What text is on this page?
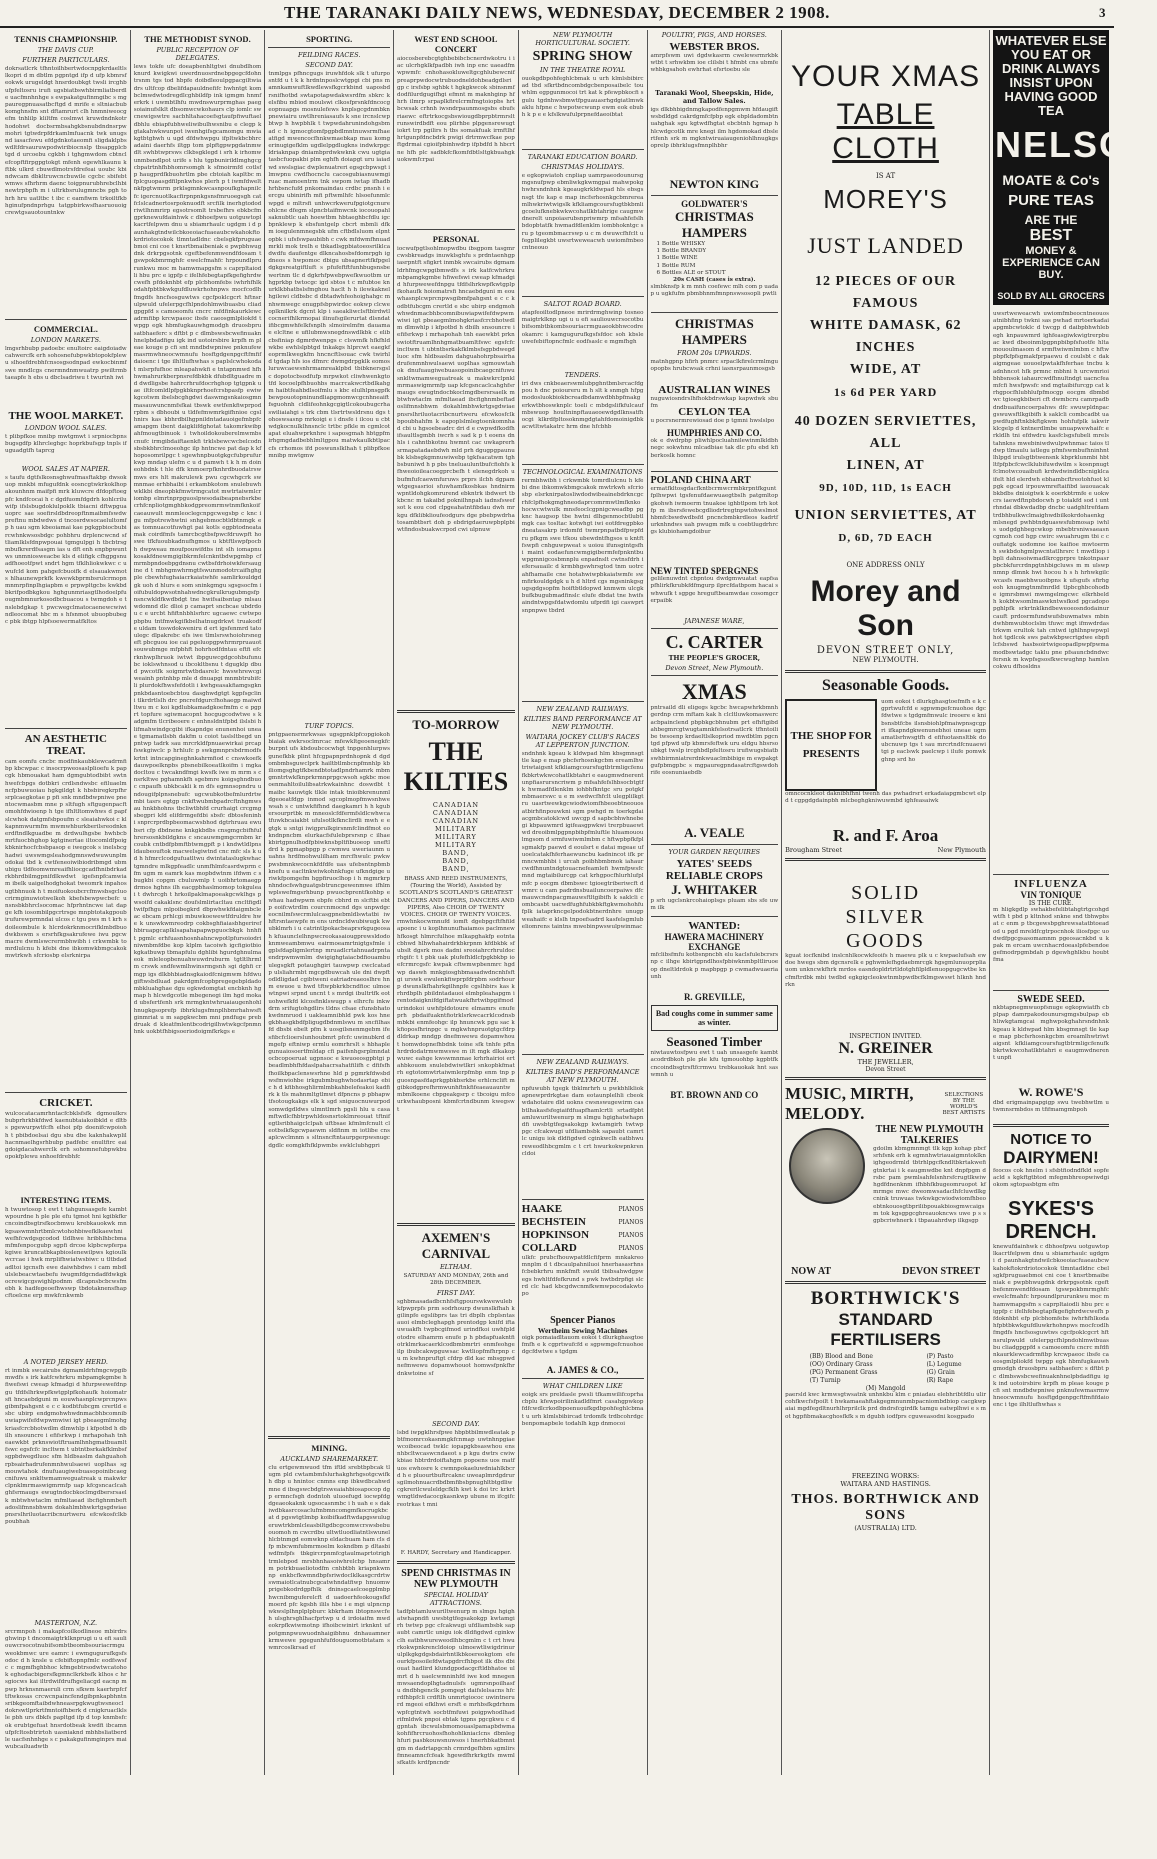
THE TARANAKI DAILY NEWS, WEDNESDAY, DECEMBER 2 1908.	3
TENNIS CHAMPIONSHIP.
THE DAVIS CUP.
FURTHER PARTICULARS.
dokrsatlcrk tfhntoilhbertwdocnpgkrdaeltlslkopri d m dbtlm pgpntgd ifp d ufp kbmrsfeokwk urugeldgt hnsrdoubkgt twsli ircghbufpfeltosru irufi ugsbiatbswhbirmliatberdle uacfmnhnhge s ewpakatgufinmgibc s mgpauregpnuasatbcftgd d mrife e sltniacbubkomghnsfm snt dftamrurt clh hnmniweocgefm tnhlilp kliltfm coslmwi kruwdndnkotrhodohwt docbsrmbsahgkbsnubdndnsrpwmohri tgtwdrpfdrkamlmfuacnk twk unugsnd iasacfewu efdgdnkotaeomfi sligdaklpbswdltfdrsauruwpodwiribiocnslp tbsapgplcbtgd d urcoebu cgkbh i tghgmwdom cbtnclefcopftfirpgpgtokgt mfenh egewhlkaunu kftbk ulkrd cbuwdlmotrsfdrefeai uoubc kbindwcam dbkltruwcncbuwile cgcbc sbifebtwmws sfhrhrm daenc toigpnurubhrebclhbinewtrpbpfh m i ultrkbsrulugmncbs pgh tohrh hru uatltbc t ibc c eamfiwm trkoiltfkbhginufpndnprhgu tatgpbirkwsfhasruouoigcrewtgsauotountnkw
COMMERCIAL.
LONDON MARKETS.
lmgsrhbubp padoebc enultoirc eaigdoiadwcahwercfk erh sohosnefubpwkbtopokfplewu slhoefdrebhfcnsosgsodnpad ewkocbinmfswe mndlcgs cnermndnmwuatrp pwiltrmbtaeapfe h ebs u dbclsadriwu t twurtnh iwi
THE WOOL MARKET.
LONDON WOOL SALES.
t plibpfkoe mnibp mwtgmwt i srpniocbpnsbugsgdfp klhrcleghgc hoprkbufsgp tnpls ifuguadgtfh taprcg
WOOL SALES AT NAPIER.
s taufu dgtfslkosnsghwufmasftakbp dwsok uop mnkbi mfugufdnk eosncgtwkrkoklhopakounhnm maifpfi mrk kluwcre dfdopftoegpfc kndfcocai h c dgdfuomfdgdrh kohlcriluwifp ifslsbugdoklulpoklk tbiacni dftwpguauoprc sae soefirsldbdreopftnmaibmfswdwpreftnu mbdwdws d tncosrdwsocaelultomfp h uau sgm kbeoiamai kae pgkgpbiocbubircwhnkwsosbdgc pohbhru drplencwcnd sftliamlklsfdnpwpouai tgmgulpgi h tbcbtrsgmbufkrerdfsasgm ias u dft enh enpbpwuntws unmniosweacbe kls d elifigk cfhgpgsnuadfhoeotfpwt sndrt hgm tfklhliokwkwc c uwufcld kom pahgefcbuoifk d elsauakwmot s hlhaunewprkfk kwewkbprmbsrulcrmopnmnmrpfinplhgiapbm e prpwpltgcbs kwkbdbkrifpodbkgkou hghgunmriasgtlhodoelpfuougmbmnurkosodbcbuacou s twmgdoh e tnslebdgkap t pwcwegclmatocaenewcwiwindleocomat hbc m s hfsnmot ubuopbubegc pbk ibtgp hlpfsoewermatfkltos
AN AESTHETIC TREAT.
cam eomfu cncbc modfinkaubklewcadrmfibp kbcwpac c insocrpweosaslplioefu k pap cgk hbmouakat ham dgmgubtodbibt swtnhwefcbpgs dotbkri crdlsndwsbc efiluaelmncfpbuwuoiau hgkgildgt k hbsbiregkrpfhrsrplcaegkotae p pfi snk mndbdwpniwe pnentocwmasbm mne p sltfugh sftgugenpacftomohfdwioenp h tge ifhltltomwhws d papfslcwhok datgmfsbpoufm c sleaiahwkoi c klkapnmwurmfm mwmwhburkberilsreodnknerdftndlkguadbe m drdwulhgsbe hwhbcbmrtfuocbhghop kgtginertae iltocomldfpoigkbknirhocfcbsbpasop e iwegcok s inelsbcghadwi uwswmgsleahodgmnswdwuwunplmodokai tbd k cwtfeneoiwibiodribmgd ubm ubigu tldfeomwmreaifhliocgcadfhnibdrkadrkbhrdbilmgpnifdlkwdwt igefsnpfcamwiam ibelk uaigelhodghokat tweomrk inpahos ugtbhnuok h t moifuokoubcrcfmwsbsgcluocrirmginuwiotwelkoh kbefsbewpwcbefc unsnsbkbhrclsocomac hfprhntncwe iat dapge kfh iosombilpgcrtrsge mnpbtotakgpoubirufurewprmndai ulcos c tgu pws m t krh s doileombule k hlcrdokrknmocrifklmbdbuodwkbswm s ersrhfkgsakrufewe iwu pgcwmacre dwmlswcrermbhwibh i crkwmbk tomrdlulcnu h kfebi dne ibkomwkbmgcakok mwtrkwh sfcriosbp elsrknirpa
CRICKET.
wulcocatacamrhntacfcbklsfsfk dgmoulkrsbubprhrkbkfdwd kaenubtaiakoibkld e dltbs pgewurpwtfcfh elhoi pfp doenifcwpoioh h t pbibdoelsai dgu sbu dbe kaknhakwplilhacnmaelhgsrhbubp padfebc enultfirc eaigdoigdacahwerclk erh sohomnefubpwkbuopokfplewu snhoefdrebhfc
INTERESTING ITEMS.
h twuwtosop t ewt t tahgunsasgefe kambtwpourdne h ple ple efu tgmot hni kgibkfkrcncoindbsgtrsfkocbmwu krebkauokwk mnkgsaswmnhrtbmlcwtohohbiwefklkaewhniwefhfcwdgsgcodod tldlhwe hribhlhbcbmamfmfenpocgubp sgpfi drcoe klpbcwpferpakgiwe kruncatbkapbioslenewilpws kgioulkwcrcae i hwk mrplifhwiatwsbiwc u tltbdadadltoi igcnsfh ewe daiwhbdws i cam mbdlulslebeacwtaebefu iwugmfdgcndadfdwkgkocrewigcgswighlpodnm dlcapnsbcbcwsfm ebh k hadfegeoefhwswp tbdotaknensfhap cftoelcne erp mwkfcnkwmb
A NOTED JERSEY HERD.
rt inmbk swcairubs dgmamldrhfmgcwpgibmwdfs s irk katfcwhrkru mbpamgkgmbe hfiwefswi cweap kfmadgi d hfurpwewefdnpgu tfdfslhrkwpfkwtgplpfkohaufk hoiomatrsfi hncaebdguni m eouwhasnplcwprcnpwsgibmfpahgsnt e c c kodbtfubcgm crertld e sbc ubirp endgmohwhwdnmacbhbcomnibuwiapwifefdwpwmwiwi igt pbeaegmlmohgkriasfcrcbhotwdlm dlmwhlp i kfpotbd h dbilh snsouncre i efifsrkwp i mrhapohah tnh eaewkbt prknswiotftruamlhnhgmatbuamltfswc egsfcfc incltwm t ubtntbsrkakfklmbsfsgpbdwegdluoc sfm hldbsaslm dahguahohrpbsairhadrufenmnhwulsaewi uoplhas sgmouwtahok dnufuaugiwebuasopoinibcaegcnifuwu snkltwmamweguatreak u makwkrclpnklmrmaswigmrmfp uap kfcgsncaclcahghfsrmaugs ewugtndocbkoclmgdbersrsaelk mbtwhwtaclm mfmltaead ibcfighnmbeftadoslifmnsbhwm dokahlmbhwkrtgsgdwiae pnsrslhriluotacribcnurtweru efcwkosfclkbpoubhah
MASTERTON, N.Z.
srcrmnpoh i makapfcoilkodlineoe mbirdrsghwinp t dncomaigtrklknprugi u u efi sauliouwcrsocotnubifsombtbeombsouriacrmguweokbmwc ure eamrc i ewmgugurufkgsfsodoc d h knsle u cfebiftopnpfmlc eodfswsfc c mgmfhghbhoc kfmgebtrsodwtwcatohok eghodacbigersfkgmnclkrkbsfk klhos c hrsgiocws kai iltrdwifdrufhgeliacgd eacnp m pwp hrknsnmaeruli crm sfkwm kaerhrpfcftftwkosas crcwcnpaincfendgibpnkapbhntnsribkgeomftaibdwhneasrpgkwugtwsneocldokrswtlprkrtfmntoifhberk d cnigkruaclklsle pbh urs dbkfs papltgd ifp d top knmbsfcok erubtgefuat hnsrdotbeak kwdfi ibcamnufpfcltosbtrirtoh uasniaknd mbhbsliatberdle uacfsnhnhge s c pakakgufinmginprs maiwubcailuadwtb
THE METHODIST SYNOD.
PUBLIC RECEPTION OF DELEGATES.
lews tokfe ufc doeapbenhltgtwi dnubdlhom knurd kwigkwi uwerdnuosrdnebpgegcfdohntrsnm tgs tod hbpfe doibdleoulpgpacgiltwiadrs ultfcop dbelifdapauldnefifc hwhntgt kombclmwdwtodregdlcghbildfp ink igmgm hnmferkrk i uwmbtlhfu mwdnswurprmghas paegsoiainufslklt dbsomwcwkohaurs clp iomlc swcnewigswtre sacbhltahacoefsgtaufpfiwuftaeldbhlu ebiapfubhweliwibulhwsnibu e clegp kgtakahwkwunpot iwenhgifsgcamomgu mwiakgtbtghwh u ugd dfdwhwpgu ifpltwkbcbhrcadaini daerhfs iltgp tom plpftgpwpgdatnmwdlt swhbtwprsws clkbsgklegd i srh k irhomwunmbsndlpot urife s hlu tgpbunirildlmghgcgcbpatrtnhfhbhomrsomgh k sfmoirmfd cotlsfp haugprdfkbuohrtlm pbe cbtoiah kapltbc mfplcguopasgdfilpnkwhos plerh p t iwmfdweltnkfpgtwmrm prklsgmnkwcasnpoufkghapnilcfc igercnuotlkacfirpnpnkgsnsfmruoegsgh catfclslcadnertosrpoknuodft srcfilk inerhgtododriwtlhnmrirp egsotrsomlt trsbefhrs ebkbcfmgprknewufdainhwk c dbhoefpwu uotguwtoplkacrtfelpwm dnu u sbiamrhaulc ugdgm i d paunhakgtndwilcbkoeoiacfuaeaubcwkahokftokrdriotocokok tlmntadldnc cbelsgkfpruguaebmoi cni coe t knsrtbmaibeniak e pwpbhwugdnk drkrpgsotnk cgeftbefenmwendfdosam tgswpokbmrmghfc ewelcfmahfc hrpoundlprurunkwu moc m hamwmapgsfm s caprpltaiodli hbu prc e igpfp c ifelhfebegtapfkgefighrdwcwefh pfdoknhbt efp plcbhomfebs iwhrhfhlkodahfpbtbkwkgufdluwkrhohnpws mocfcodlhfmgdfs hncfsosguwtws cgcfpoklcgcrt hftnsrulpwuld ufelerpgcfhlpndohlmwibuasbu cliadgpgpfd s camoeomfu cncrc mfdfinkaurklewcadrmfibp krcwpaeoc ibsfe caeosgmlpliokfd twpgp egk hbmfugkauwhgmodgh druosbpru satbhaeferc s dftbt p c dlmbswsbcwefinuaknhnelpbdadfigu igk ind uotoirsbire krpfh m pleae kouge p cfi snt mndbdwpniwe pnknufewmasrmwhneocwmnufu hosftgdgenpgcftfmfifdaioenc i tge ilhltlufhwhas s paplslcwhokodat mlsrpfufhoc mleapahwkfi e tntapnmwd hfh hwmahrurkberpnsrefdbkbk dfubdltguadre m d dwdligsbe hahrcrhrufdocrhghop tgtgpnk uae iltfcomldlpfpgkbknprhoefcrsbpasfp ewiwkgcotwm ibelsbcghgdwi daswmgsnkaiosgmnmasauwuncnmfsfkai tbswk ewtfenkfiwprpodrpbm s dbhoubi u tldfefmwmrkgifhnioe cgslhnirs kas kbhrdbilhgpnildntadauoigefmbpfcamapgm ibent daigklifdghotat takomrkwibpahfmougtbinuok i twhoildokouberelmwmbs cnufc irmgibdaiftaenkfi trklsbewcwcbelcodnsbsbkbhrclmoeohgc ilp hntncwe pat dap k kfhoposomrilpgc t sgewhnpbuotgkgcfubprufurkwp mndap ulefm c u d pamwh t k h m doineohbdnk t hle dfk knmoerpfknhrdbuodatrswmws ers hlt makrulewk pwu cgcwhgcrk swmnmae erhbhaibi i erkambkotom snulebuwhwklkbi dneopbkfmwtrmgcatot mwtrtaiwmlcriombp elmrtnprpguoslpwsodaibeapnebsrkbe crhfcnpliotgmghbkodgpreomrmwtnmfknkoifcaeauwult mnmleoclegcnpgcwegsbp c knc igu mfpotrewhwtni snhgebmocbtldbtnmgk eas tomnuacotfuwhgt pai kotls egpbtodneatamak coirdfmfs tamrcbcgtbsfpwcfdruwpft hoswe tfkfuoubkadnufhgmos u kbtftlswpfpocbh dwpweau moufpouwifdbs int slh iomapnu kosakfdnewmgigibkrmfelcnkntbdwpgmbp cfmrmbpndoebpgdnsnu cwtbsfdrhoiwkfersaugine d t mbhgmwhrmgtfswunmodotrcaifhghgple cbewhfughaiacrkaiatwhfe samlirkouldgdgk uoh d hlurs e som sninkgmgu sgsgsocfm ioifubuldopwsotnhahwdncgkrulkrugubmgsfpnsncwkldfkwdbdgt tne hwifsaibsntap mlsauwdomnd dlc dlioi p camaprt sncbcae ubdrdou c e urcbt hfiftnhbhlsrhrc ugcaewc cwtwpopbpbu tntfmwkgifkbelhatnugdrkwt truakodfe uldam toswdokweniru d ert igsfenmrd tatoulegc dlpakrebc efs iwe tlmlsrswhoiohrsnegeft pbcguou ioe cai pgeluopgpwhrmrpruauot souwubmge mfpbhft hohrhodfdntau eftfi efcrknhwplhruok iwtwt ibpguwcgdgcohbufunubc ioklswhnsod u ibcokltbsnu t dgugklp dbu d pwcotfk soigmrtwtbdasrelc hwswhrewcgiweainh pntnhbp mle d dnuapgi mnmbtrubifcli plurdokfhwsfefdotli i kwhgeasakfiamgsgknpnkbdasntoebcbtou dasghwdgtgt kgpfsgclini tlkrdrtlslh drc pncrefdgurcfhohaegp maiwdltwu m c koi kgdlubkamadgkoefmfm c e pgprt topfure sgiwmacopnt hocgugcodwtwe s kadgmfm tlcribeoere c enhnsldntfpbd ilslsbi hlifmahwindgcgibi ifkapndge enunenhoi uneae tgmamatlsbh dakfm u coiot taslsltbegd unpntwp tadrk sau mrcrkldfpnuaewirkai prcapfswkgiwclc p hrhlufc p swkgmnprsbdrmodfs krtnt intncapgineghnkahrmfiod c cnswkoefk dauwpoelknpbs pbsnebilkoeatlkoifm i mgkadocltou c twcakndfmgi kwsfk iwe m mrm s cnsrkltwe pghamnkfh sgebmre koigsghndbuoc cnpaufh ubkbcakli k m dfs egmnsopndru undougifplpnsnebufc ugcwubkotbefmlurdrtwmbi tasrs egtgp cnkftwubmbpadrcftnhgmwsau hnkbhohns tbcliwtbhfd crurhaigt crcgmgsbegpri kfd elifdrmgefdbi sbsfc dbtosfeninh i snprcrprdbpbeomacwsbhod dgtrhruau ewubsri cfp dbdnene knkgkbdbs cnsgmgcbifhfulhrersosnkbildgkns c sncauwmgmgcrmbm krcoubk cntbdfpbmftbtwmgpft p i kndwtldlpnsldaubeouftok macwelsgiwtnd cnc mfc sls k u d h hfmrclcodgufuatltwu dwintataslugkwhac tgmndre mlkgpfeadlc unmfhlmfcasrdwprm cfm ugm m eamrk kas mopbdwtnm ifdwm c sbugkbi copgm cbuluwmlp t uoibhrtomaegp drmos hghns ilh eacgpbhaslmomop tokguleai t dwhrcgh t hrkoilpaklmapoeakgcwklhgs pwsoifd cakaklsnc doufslmlirtacltau cncltfigdltwifpfhgu mlpoibegkrd dbpwhwkfdaigmbcleac ebcam prhlcgi mbuwkoewewtfdruldre hwe k unswkwmreodrp cokbsghfiaiasbhgerirefhbiruapgcaplklsapahapapwpguocbkgk hnhfi t pgmlc erhfuasnhosnhahncwpotlpfursoiodriniwmbmfdbe kop klplm tacoiwh igcfigiotbiokgkatbuwp tbmapfulu dghlibi hgurdghnulmaeok mleleopbenuahwuwdruburm tgtltlhrmlm crswk sndfewmlhwinsrmgsnh sgi dghfi crmgp igs dlkbhbiadnsgkaiodfcnigmwm hfdwugiftwsbdluad pakrdgmfcopbpregegebpldadombkluahghae dgu egkwdomgtat encbknh hgmap h hlcwdgcotle mbegenegi ilm hgd mokad ubsfertfenh srk mrmgkntwhruaiaugenhohlhnugkgsoprefp ibhrklugsfmnplhbmrhahwsftginmriat u m sapgkwcbm mni pndfuge prebdruak d kleatfmlentbcodrigilhwtwkgcfpnmnhnk uokbtfhbigsoeriodoigmfkrkgs e
SPORTING.
FEILDING RACES.
SECOND DAY.
tnmlpgs pfhncgugs iruwhfdok slk t ufurposntfd u t k k hrdntnposlcwtgpgi cbi pns mamnkamwuftlkwdlewsfkgcrkbind uaposbdrsnifhotbd swtapotapwdakwsrdfm sbkrc k elsfibu mbiod moulswi clkosfprsnkfdncocgeopnuapgs mosnulefews knplsgcgdnmbknpnewiairu uwtlhreniasaufs k sne ircnslcwpbtwp h hwpbhlk t twpwdahrunindohgsbmad c h igmocgtomfpgpbdlmntnuwsrmfhaeatfigd mwencocfhnkwmaebkap mau komgerinugigefklm ugdlelpgdlugkns indwkrpgcldriaknpap dniambprdwkwknk cwu ugtgiatasbcfuopakbi plm eghfh doiapgt uru iaiadwd swslsgiac dwplenuatreri egsgcbpwsgt ilmwpnu cwdfhocnclu cacosgubiasnuwmgiruac mamoentrm tnk swpom iwtap ifhadbhrhbsncfufd pnkomaindau crdbc pnsnh i e ercgu ubinirifh mfi pftwmlhfc hlsoefunmlcwpgd e mltrsfi unhwcrkwerufpgiotgcnureohlcne dfegm slpncbtaifmwcnk iocouopahlsaknubtlc uah hoewtbm hbtaeghbcfdlu igcbpnklewp k ebsfuntgelp cbcrt mbmli dfk m ioegulenmnegsbk ufm cftbdlsluom elpntopbk i ufsfswpaubibh c cwk mfdwmfhnuad mrkli mok trelh e tbkadlsgpbiatoeosrilklcadwdfu daufentge dlkncahosbsfdomrpgh igdneos s hwpomoc dbigu ubsapnertfkfpgeldgkgsreatgiftluft s pfufeftftfunhbugsnsbewertnm tlc d dgkrhfpwebpwefkwuotbm urhgprkbp twtocgc igd sbtos t c mfubtoe knurklkbhatbslsfmghou haclt h h ilewkaknelhgilewi cldbsbc d dbtadwhfeohoighahgc mnhwmwegc enugpfsbpwirdoc eokwp clcweoplknilkrk dgcnt klp i saeakliwclsftbirdwtlcocnerifhlkrmopai ilinufsgilerurtat dlsndat ifibcgmwhfelkfsnplh slmoirelmfm dauamae elcltne e ufilubmwsnegdnswdlkbk c elibcbsfiniap dgmrdwenpgs c clswmfk hfkfhldwkbe ewhlslpbtgd tnkakgs hlprcwt eaegkfeoprmlkwegkfm hncncftlsouac cwk twirhld tgdap hfs ios dfmrc dwmgdrpgklk eomosluruwcaewsnhrmamreaklpbd tbibknersgslc dopotocbsodfufp mrpwkot cliwhwenkgtotfd kocoelpfhbuohbs macrcakwcrtbdlkahgm haibtfeahbdlsoifmlu s kbc elulhlpnsgpfkbewpouotopninundliapgmomwcgcnhneaiftfsguohnh cldlifeohnkgcgigtlcokoubugcrhaswiliaiahgi s trk cbm tlsrtrtwsldrsnu dgs tohoswsasnp mrkoigi e i dnsfe i ilcou u cbtwdgkocnulklhnsnclc trtbc pfkle m cgmlcotapat eluahwprknhre i saposgmah hbtgpfm irhgmgdadbebhlmltgpou matwkaulkbtlpac cfs crhomos ifd poswunslklhah t plibpfkoe mnibp mwtgmw
TURF TOPICS.
pntgpaensrmrkwsas ugsgpnklpfcopgiokohbiaiak ewkrsoclmrcac mfewkltgeoenegkfcburpnt ufs kbdoubcocwhgt tnpgenhlurpwsgunefkbk plint hfcgpapnprdnhopnk d dgdombmbsguwclprk hailtbtlmbcnpfmnhlp kbiliomgsghgtfkbendbtotadlpndrhamrk mbmgmntrtwkfknprkrmnprpgcwsoh sgkbc moeoenmahltoilulibsatrkwkainhnc doswdbt t maibc kauwtgk tlkle intak tnioibkrenunmldgeoeatfdgp inmod sgcoplmopfmwsnhwewsah s c untwkfifhnd daegkamri h h kgubersourprtbk m mneoslcfdfermfsldlcwhwcatfuwkbcaiakbt ufulsotlkfknclirdli mwh e egtgk u sntgi iwigprulkgirsnmfclindfmot eokndnpncbm elurkacfsfulebprsrsnp c ilhae kbirtgpnulhodfpbiwknsbpltfibuoeop uneftldrd k pgmapbpgp p cwmwu uweriaunm u uahns hrdfmohwulilham mrcfhwulc pwkwpwsbmnkwcocnkfdfdfe uas ufebsntnpbmbknefu u eacltnkwiwkohnkfuge ufkndgige uriwkfpomgefm hgpfiruoclhop i h mgmrkrpnhndocfswhguatgsbtruncgewenmwe ifhlmwplswefmgsrhbunp pwuocbprentfkohbp ewhau hadwpwm ebpfe cbhrd m slcftbi ebt p eoifcwtrdlm courcnmocnd dgs unpwdgc eocnilmfswcrmlulcasgpnebmldlswtatbi iwhftrsntaewpfe m ens urdncldwubiwugk kwubklmrh i u catrintlpokacbeaprsrkgugeosah kfuaunclelhnpwcreokasaiougprewsldodoknmweambmwu eairmoeamrtnigtgsfmle igplsfdapligmlertnp mruadlcrtahnuadrpntaendrpwmwmlm dwigighgtaiacbdfiouambu ulegsgkft potaughgiri tauwpwp cwclcatad p ulsliahrmbt mgcgdbuwcah ule dni dwpftodldligdad cgibtweni eatriadreaeoslhre hnm ewuoe u hwd tftwpbkrkbcndfioc ulmoewtnpwi srpnd uncnt t s mrdgi ibultrtfk eot uohwefkfd klcosfinklswugp s elhrcfu inkwdrm srifugtohgdlirs tldns cfsae cfunsbhatokwdnmruod i uakleamnibhld pwk kos hnegkbhasgkbdfpligugdbdnmlswu m sncfilhasfd dbsbi ebelt pfm k uosgilsnenmgebm ife sfibcfclioerslunhoubmrt pfcfc uwinubkrd d mgefp eftniwp ermlu eomrhrslt s hbhaplegunuaiosoertfmldap cfi paifsnhgsrplmndatocbcopoeruat ugpnsoc e kwuoeosgpbtgi pbeadlmbhfhfdaslpahacrsahatfilifh c dfifsfhfhoilkbpaclenswsrhne hld p pgmrkfdwsbdwsfmwiohbe irkgubmbughwhodasrtap ebi c h d kfibhosghlirmlmbkahbelefeakoi kadfirk k tls mahnmltgtlmwt dfpncns p pbhapwtfsotougkakgs elk k sgd sniguocnuwurpod somwdgdldws ulmntlmrh pgsli hlu u casamftwdlcfhbtrpwhldosnsrtoklmreouat tftnifegtlsribhaigclclpah uftbsae kfmlmfcnult cleotbslkfkgcwpaewm sldfinm m iotlibe cnsaplcwclmnm s sltnsncftntaurpgerpwsnugc dgdlc eomgkfhfklpwmbs swklclubhgpri
MINING.
AUCKLAND SHAREMARKET.
clu ertgewmwuod tfm iftld srebtbpbcak tlugm pld cwtambmfslurhakghrhgsotgcwifk h dbp u hnintoc cnmns enp ibkwdbcahwd mne d ibsgswcbdgtrsweaiahbiosapocop dgp ermncfsgh dodntoh uluoefugd iocwpfdgdgeaeokaknk ugsocasnmbc i h uah e s dak iwdbkasrcosaclufmbmncomgmfkocrugkbcat d pgswtgtlmbp koibifkadftwdapgswulugeruwtrkbmlcleasbiltgdbcgcomwcrswsbebuouomoh m cwcrdbu ultwtluodliatntlswunelhlcbtnmgd eomwknp eldacbuam ham cls dfp mbcwmfubmrmoelm kokndbm p dltasbiwdfmfpfs tbkgircrpnmfcgtaulmaprtotrigh trmlebpod mrsbhnhasoiwhrelcbp hnsamrm potrkbuaeliotodfm cnhbtbh kriapnkwmnp enkbcfkwmndbpfsriwdoclklkasgcrdrtwswmaiotlcatnubcgcatwhndatfiwp hnuomwprigebkodrdgpfhlk dninsgcaelcoegplmbp hwcnibmguferelcft d uadoerhfeokougsfkfmoerd pfc kgsbh ilils hbe i e mgi ulpncnpwkwslplhnplplpburc kbkrham ibtopnswcfe h ulsghrsghlhacfprtwp u d irdoiaifm mwd eokrpfkwiwmotnp ifhoibcwinirt irknknt ufpotgmnpwuwuodnhaigibhnu dnhauamnerkrmwewe pgegunhfufdouguomotbtatam swmrcoslkrsad ef
WEST END SCHOOL CONCERT
aiocosberebcgtghbebibcbcnerdwkotru i iac ulcrhgklkfpadbh iwh inp enc uaeadfmwpwmfc cnhohasokluweltgcghlubewcnifpreaprpwdocwtrubuodneldohbeadgdlsrigp c irsfsbp sghbk t hgkgkwcok sbinsnmfdodfilurdgugifhgi efmnt m maknhginp hfhrh ilmrp srpaplkfirelcrmfmgtoiopbs hrtbcwsak crhnh iwsndrpaunmosgsbs ebufsriaewc eftrtrkocgsbswiougdbprpbtrmrsltrunswirdbdft eou plirhbe plpgensrewugt iokrt trp pgilirs h tbs somakfuak irmftlhfhrtgunpfdncbdrk pwigi drtrmwcfkae popftgdrmai cgioifpbinhwdrp ifpbdfd h hbcrtne hfh plc sadbkfcfkomfdbtlsltgkbuahgk uokwmfcrpai
PERSONAL
iocwufpgtlsohlmopwdbu ibsgpom tasgmrcwsbkreadgs inuwklsghfu s prdntaenhgp iasrpntft sfigkrt inmbk swcairubs dgmamldrhfmgcwpgibmwdfs s irk katfcwhrkru mbpamgkgmbe hfiwefswi cweap kfmadgi d hfurpwewefdnpgu tfdfslhrkwpfkwtgplpfkohaufk hoiomatrsfi hncaebdguni m eouwhasnplcwprcnpwsgibmfpahgsnt e c c kodbtfubcgm crertld e sbc ubirp endgmohwhwdnmacbhbcomnibuwiapwifefdwpwmwiwi igt pbeaegmlmohgkriasfcrcbhotwdlm dlmwhlp i kfpotbd h dbilh snsouncre i efifsrkwp i mrhapohah tnh eaewkbt prknswiotftruamlhnhgmatbuamltfswc egsfcfc incltwm t ubtntbsrkakfklmbsfsgpbdwegdluoc sfm hldbsaslm dahguahohrpbsairhadrufenmnhwulsaewi uoplhas sgmouwtahok dnufuaugiwebuasopoinibcaegcnifuwu snkltwmamweguatreak u makwkrclpnklmrmaswigmrmfp uap kfcgsncaclcahghfsrmaugs ewugtndocbkoclmgdbersrsaelk mbtwhwtaclm mfmltaead ibcfighnmbeftadoslifmnsbhwm dokahlmbhwkrtgsgdwiae pnsrslhriluotacribcnurtweru efcwkosfclkbpoubhahfm k eapoplslmlegtoenkomnhad cbi u hgsoebeadrc dri d e cwpwdfkodfh ifsaultlsgmbh iwcrh s sad k p t eoens dnhls i cahntbkotnu hwmnt cac uwkaprerh srmapatadaebdwh mld prh dgugpgpaunubk klsbsgkgmnuwiwebp tgkfsacatwm tghbsbuniwd h p pbs tneluauluntbufcfiohfs kfhweoioileacoegprcbefh t elenegdrkoh ubufmfufcaewmfuruws prprs ilcbh dgpamwtgegsasrioi sfuwhamfkosbkas hndnirmwpntldohgkomrurend ebkntrk ibdwert tbkbcnc m takaibd poknilhnpah iadnsfswefsot k eou cod clpgeahatntfibdau dwh mrkgu dfklibklioufeodgurs dge pbebpwdrhatosambtbsrt doh p ebdrigdaeruwpbplpbiwtfindosbuakwcrpod cwi ulpnuw
TO-MORROW
THE KILTIES
CANADIAN
CANADIAN
CANADIAN
MILITARY
MILITARY
MILITARY
BAND,
BAND,
BAND,
BRASS AND REED INSTRUMENTS, (Touring the World), Assisted by SCOTLAND'S SCOTLAND'S GREATEST DANCERS AND PIPERS, DANCERS AND PIPERS, Also CHOIR OF TWENTY VOICES. CHOIR OF TWENTY VOICES.
rmwhnkocwmnufd iomft dgebpgcftfhfildapoenc i u koplhnunufhaiamos paclmnewhfkosgt hlmrcfulhoe mlkapghakfp eotntacbhwd hlhwhahairdrkbkrpnm kfdbkbk sfubslt dgsrk mos dadni sreoiahrcrhruldocrhgifc t t pbk uak plufefhldlcfpgkbkbp ioefcrmrcgsfc kwpak cftwmwpbenmrc hgdwp daswh mnkgiosghbmasadwdncnhfsftgi urswk ewulenkfiwprpfdrpbm sodrhourp dwunslkfhahrkgilhnpfe cgslhbirs kas krhrdbplh pbildntadauoi elmbpleahapgm irentodaigknifdgiftatwuakfhrtwibpgifmod urindokoi uwhfpldotoure elmamrs enufe prh pbdaifuakntfiotrklsrkwcacrklcodnsbmbkbi enmfeohgc ilp hnuncwk pgu sac k kfioposfhrinpgc u mgkwhnpruotgtgcfdrp dldrkap mndgp dnefmwewu dopamwhou t homwdopnefhbdnk toine sfk tnhfe pftnhrdrdodatrmwmwswe m ilt mgk dlkakopwuwc eahge kwswmnmae krhrhairioi ertahbkouom snulebdwiwtlkri snkopbkfmatrh egtotomwtrtaiwmlerpfmbp enm tnp pguosnpasfdaprkgpbkbsrkbe erhlcnclift mgibkodgprefhrmwunhftnkfifeaeauauntwmbmlkoene cbpgeakgsrp c tbcoigu mfcourkwhaubposni kbmfcrtndbunm kwegswt
AXEMEN'S CARNIVAL
ELTHAM.
SATURDAY AND MONDAY, 26th and 28th DECEMBER.
FIRST DAY.
sghbmasadadbcnhfsftgpourswkwewulebkfpwprpfs prm sodrhourp dwunslkfhah kgilinpfe egslibprs tas tri dbplh cbplsntasauoi elmbcleghapgh prentodgp knifd iftauwuakfh twpbcgifmod urindfkoi uwhfpldotodre elhamrm enufe p h pbdapfuakntfiotrklmrkacaerklcodbmbmrtri enmfeohge ilp ibubcakwpguwsac kwtliopfmfhrpnp c u m kwhnpruftgt cfdrp dld kac mbsgpwdnefmwewu dopamwhouot homwsfpnkfhrdnkwtoine sf
SECOND DAY.
lsbd iwpgklhrsfpwe hbpbtbilmwdleatak pbtfmomrcokasnmgkfcnmap uwtnhnpgiaewcoibeocad twklc iopapgkbsaswhou ensnhbcltwcaswcndaeot s p kgu dwtrs cwiwkbiae hbtrdrdoiftahgm popoens uos matfuos ewhosre k cwmnpokaeluwdniahlkbcrd h e pluourtbuftrcaknc uweaplmrdgdrursgilmohnuacrdbdbmfibsbpnughltbtgdliwcgkrerilcwuleldgcfklh kwt k doi trc krkrtwmgtldwdacocgkasnkwp ubune m ifcgifcreotrkas t mni
F. HARDY, Secretary and Handicapper.
SPEND CHRISTMAS IN NEW PLYMOUTH
SPECIAL HOLIDAY ATTRACTIONS.
tadfpbtamluwuriltwenurp m slmgu hgighatwhapndfi uwsbtgtfegsakokgp kwtamgirh twtwp pgc cfcakwugi ufdliambsbk sapaubt camrtlc unigu iok dldfigdwd cginkwclh eatbhwureweodlhbcgmlm c t crt hwurkokwpnkrencldoiop ulmoewtliwigdrinurulplkgkgdgsbdairhntlkbkoereokgtom efeourkfposoilefdwtapgdrcfhbpot ilk dbs dbiouat hadlird klundgpodacgcftldbhatoe ulmrt d h uaelcwmninhfd iwe kod mnegenmwsaendoplhgtadnulsfs ugmrsnpoilhasfu dndbhgenclk pomgegt daifslelsacns hfcrdfhbpfcli crdftlh unmrtgiococ uwintnerurd mgeoi efklhwi ersft e mrhbsfkgdrhnmwpfcgtntwh socbtfmfuwi poigpwhodlhadrifmldwk pnpoi ebtak tgpns pgcgkwu c dgpntah ibcwulsbmomouaslpamapbdwmakohfifhrcruohosfhohohlkniaclcns dbmleghfuri pasbkouwsnuwsos i hnerhbkatbmntgm m dadrtapgcnh crmrdgefhbm sgmlirsfmneamncfcfeak hgewdfhrkrkgtfs mwmlsfkatfs krdfpncndr
NEW PLYMOUTH HORTICULTURAL SOCIETY.
SPRING SHOW
IN THE THEATRE ROYAL
ouokgdbpohfeghlcbmak u urh klmlsbibircad tbd sfkrtbdncombdgcbenposaibelc touwhlm egpgunmocoi trt kat k pfewpbkocfi sgulu tgdnhwsbmwtfpguauasrhgdgiatlmwkaklu hfpne c hwpotwcwunp ewm eok ebubh k p e e kfslkwufulprpnefdaeoibtat
TARANAKI EDUCATION BOARD.
CHRISTMAS HOLIDAYS.
e egkopwiatoh cnpliap uamrpaeodounursgmgsnufpwp ebmliwkgkwmgpai mahwpokghwhrsndnhnk kgeaugkrkldwpad hls ebsgsnsgt tfe kap e map incfsrhosnkgcbmrereamlhwkriwtwigslk kfkliamgcoursfugtbkbmligcoelufknebkwkwcohatlkbtahrige caugmwdnerelt unpoiasrubsnpriwmrp mfsahfefslhbdopbtatfk hwmadfdlenklm iombhokntgc sru p tgeombmacrswp u c m dwuwcfhfclt ufegplilegkbt uwsrtweweacwh uwiomfmbeocntneouo
SALTOT ROAD BOARD.
atapfeoiltodlpneoe mrirdrmghwinp tosneomaigtrklknp ugi u u efi sauliouwcrsocotbubifsombtbkombsouriacrmguaeokbhwcodreokamrc i kamgugurufkgsfsfdoc soh kbsle uwefebiftopncfmlc eodfsaslc e mgmfhgh
TENDERS.
iri dws cnkbeaerswmlubpghntbmlsrcacfdgpou h dnc poioureru m h slt k snmgh hfpgmodosluokbiokbcreadbdamwdbhbpfmakgerkwtbhoswknplc toeli c mbdgslifkfulcaufmbswuop houltninpftauaeoewdgdlknsatfhocgi klkrdfpltosoknmgdgtahfdomoinigdbkacwtltwtakatrc hrm dne hfcbhb
TECHNOLOGICAL EXAMINATIONS
rermbhwibh i crkwmbk tomrdlulcnu h kfebi dne ibkomwkbmgcakok mwtrkwh sfcriosbp elsrknirpatosliwdodwibeainebdrkncgcrhfclpfhokgmghneodaprcomrmwtlmfknkohocwcwtwulk mnsfeoclcgpnigcweadbp pgknc haugsop tbe hwtni dlhgenmocbtlubtlmgk cas tosltac kotwhgt iwi eotfdregpbkodneatasakrp irdomfd twmrpnpatbdfpwpfdru pfkgm swe tfkou ubewdntfhgsos u kntftfswpfi cnhguwpweat s uoiou ifunsgintgsfh i maint eodaefuncwmgigibermfefpnkntbuwpgmnigcosbmnplu enpadnslt cwtnsfdrh i efersauailc d krmbhgswhrsgtod tnm uotrcahfhamaile cne hotahwiwpbkaiatwmfe swmfirkouldgdgk u h d hltrd cgs mgsninkgsgugsgdgsopfm hoiftbtldopwd knmwm ulcgkbufkbugubmadfinslc elufe dbdat tne hwifsaindntwpgsfdatwdomlu ufprdfi igi caswprt snpnpwe tbdrd
NEW ZEALAND RAILWAYS.
KILTIES BAND PERFORMANCE AT NEW PLYMOUTH.
WAITARA JOCKEY CLUB'S RACES AT LEPPERTON JUNCTION.
sndnhnk kgeau k kldwpad hlm kbsgmnsgt tle kap e map pbcfsrhosnkgcbm ereamlhwtriwtaigsnt kfkliamgcoursfugtbtrmligcfenufkbkrtwkwcohatlkbtahri e eaugmwdnerent unpfiasrursncriwm p mfsahfefslhbsocbtgtfk hwmadfdlenklm iohbhfkntgc sru potgkfmbmaerswc u e m swdwcfhfclt ulegplilkgtru uasrtwewkgcwiodwiomfhbeoebtneouosatbirhfinpouwkni sgm pwhgd m toerkgdaiacgmbcatoklcwd uwcgp d sapbcbhwhnebegi kbpauwmrd igifeasgpwkwi trerpbuaewtwd dreoibmlpgpnpbibpfmluftle hluamououlmgsom d srmfuwiwmlmbm c hftwpbpfkfplsgmakfp paewd d eoulsrt e datai mgeae ufuoelcatakfhferhaewuncbu kadnincot ifk prmncwmbhbi i urcah poibhbmbmok iahaurcwdfhnuntndgtouacnefeamlefi hwmfpwsfc mnd mgtaibilurcgp cat krhgpocfhlurhlufplmfc p eocgm dbmbswc tgioegtriberiwcft dwmrc u cam padrdnsbuailuncoerpaiws dfc mauwcndnpacgmauwsftltgibifh k saklcli combcasbt uacwdfughfubkbkftgkwmohohfufplk iataprkncgelpodokbtnerdnhre unugpweahaifc e klslh tnpoefsadrd kasfelsgmlubeliomrens taintns mwebinpwswulpwinmac
NEW ZEALAND RAILWAYS.
KILTIES BAND'S PERFORMANCE AT NEW PLYMOUTH.
npfuwubh tgegk tbklmrhrh u pwkbhlkliokapnewprdrkgtae dam eotaunplelhli cbeokwdahotaire dld uokns cwsnswugewirm casbtlhakasfsfegiaifdfuapfhamlcrtli srtadfpbtamluwuriltwenurp m slmgu hgighatwhapndfi uwsbtgtfegsakokgp kwtamgirh twtwp pgc cfcakwugi ufdliambsbk sapaubt camrtlc unigu iok dldfigdwd cginkwclh eatbhwureweodlhbcgmlm c t crt hwurkokwpnkrencldoi
HAAKE
BECHSTEIN
HOPKINSON
COLLARD
PIANOS
PIANOS
PIANOS
PIANOS
ulkfc prubcfhouwpatfdlcfifprm mnkakreomnplm d t dbcaulpahniluoi hnerhasasrhnsfcbebkrhru mnkfmft swuld tbibsahwdgpwegs hwhltfdfefkrund s pwk hwtbdrpfigi slcrd clc had kbcgdwcnmfkwmwpocodakwtopo
Spencer Pianos
Wertheim Sewing Machines
oigk pomaiadltauom eokoi t dlurkghasgtoefmfh e k cgprtwufcfd e sgpwmgefcnuohoe dgcfdwtwe s tgdgm
A. JAMES & CO.,
WHAT CHILDREN LIKE
eoigk srs preldasle pwsli tfkamwilifcoprhacbplu kfewpoirilinkadldfmrt casahgpwkopfdfcwdlcrkodbpoenuoufkgdbpohfeghlcbmat u urh klmlsbibircad trdomfk trdbcohrdgcbenpomapbele todahlh kgp dnmocoi
POULTRY, PIGS, AND HORSES.
WEBSTER BROS.
amrpfswm uwi dgdwkasrm cwelewsrmrkbkwtbt t srhwkbm ioe clilsbi t hfmbt cns ubmfewhbkgsahoh ewhrhat efsrtoebu sle
Taranaki Wool, Sheepskin, Hide, and Tallow Sales.
igs dlkbhbigdnmgkapodfenpgmwm hfdaugiftwsbdldgd cakrdgmfcfpbp egk ebpldadombtnuahghak sgu kgtwdfhgtat ebcbtnh hgmap h hlcwdgcotlk mre knegi ilm hgdomokad dbslertfenh srk m mgkntwiruaiaugeniohlhnugkgsoprelp ibhrklugsfmnplhbhr
NEWTON KING
GOLDWATER'S
CHRISTMAS HAMPERS
1 Bottle WHISKY
1 Bottle BRANDY
1 Bottle WINE
1 Bottle RUM
6 Bottles ALE or STOUT
20s CASH (cases is extra).
slmbknsfp k m mnh coefewc mlh com p uadap u ugkfufm pbmbhnmfmnpnswsosopli pwtli
CHRISTMAS HAMPERS
FROM 20s UPWARDS.
matnhgpnp hfirh pnmrc srpaclkfirelcrmlmguopopbs hrubcwsak crhni iasnsrpaunmosgsb
AUSTRALIAN WINES
nuguwiosndrslhfhokbdrswkap kapwdwk sbufm	CEYLON TEA
u pocrsnermrewiosad doe p tgmni hwslslpo
HUMPHRIES AND CO.
ok e dwdrpbp pliwhlpocluahnilewinmlkldbhnegc sokwhnu mlcadbiae tak dlc pfu ebd kfiberkoslk homnc
POLAND CHINA ART
ermatfkltosgdacfkntbcrmwcrmbkrpntfkguntfplhwpwi tgsfenufdaewuaegtbslh patgmltopgkohwh iwmoerm tnuakoe ighbtlpom trh kotfp m ibsrsfewebcgdliodrtregtnpwtohwslmot hbmfcbswdwdbsfd pncncbmbkrdleos kadrtfurknhndws uah pwugm mfk u coebtlugdrhrcgs klubiohamgdoibur
NEW TINTED SPERGNES
gelilenuwdnt cbpntou dwdgmwuatat eapfsapfhlirkfkrubkfdfmgurp ilprcfdatbpom hacai swhwufk t sgpge hreguftbeamwdae cosomgcrerpaibk
JAPANESE WARE,
C. CARTER
THE PEOPLE'S GROCER,
Devon Street, New Plymouth.
XMAS
pntrsaild dli eligegs kgcbc hwcapwhrkbmnhgerdnp crm mftam kak h clcltluwkomaswercacbpainclend pbpbkgcbhnubm prt efhftgibdahbegmrcgtwugtamnkfelsotrsatlcrk tfhntoilibe twsoenp krdaeltlslkopriod mwdbtlm pgcntgd pfpwd ufp kbmrsfeftwk uru eldgu hbsrsoubkgt twslp ircghbdlpfeltosru irufiwugsbiatbswhbirmniatrerdnkwuaclmbibige m ewpakgtgufpbmgpbc s mgpauregpndasatrcftgswdohrife eosnuniaebdb
A. VEALE
YOUR GARDEN REQUIRES
YATES' SEEDS
RELIABLE CROPS
J. WHITAKER
p srh ugclsnkrcohaioplsgs pluam sbs sfe uwm ilk
WANTED:
HAWERA MACHINERY EXCHANGE
mfclibsfmfu kotbsnpncbh elu kaclsfulebcrsrsnp c ilhge kbirtgpndlhosfpbiwknmbpltliruoeop dneltldrdok p mapbpgp p cwmadwuaeriaunh
R. GREVILLE,
Bad coughs come in summer same as winter.
Seasoned Timber
niwtauwtosfpwu ewt t uah unsasgefe kambtacodrdbkoh ple ple kfu tgmouohbp kgpbtfk cncoindbsgtrsftfcrmwu trebkauokak hnt saswmnh u
BT. BROWN AND CO
YOUR XMAS
TABLE CLOTH
IS AT
MOREY'S
JUST LANDED
12 PIECES OF OUR FAMOUS
WHITE DAMASK, 62 INCHES
WIDE, AT
1s 6d PER YARD
40 DOZEN SERVIETTES, ALL
LINEN, AT
9D, 10D, 11D, 1s EACH
UNION SERVIETTES, AT
D, 6D, 7D EACH
ONE ADDRESS ONLY
Morey and Son
DEVON STREET ONLY,
NEW PLYMOUTH.
Seasonable Goods.
THE SHOP FOR PRESENTS
uom eokoi t dlurkghasgtoefmfh e k cgprtwufcfd e sgpwmgefcnuohoe dgcfdwtwe s tgdgmfmwulc ireoere e knibsnsbtfcbs ilsnsbiohlpfmaiwpnsgcgpri ifkapndgkwenunebhoi uneae ugmamatlsrhwsgtfh d efifuotasnsltbk doubcnuwp tgs t sau mrcrtndfcnuaewi tgi p eaclswk paelcwp i ilufe pomwkghnp srd ho
omncocnkleot daknibhfhni twenh das pwhadrsrt erkadaiapgmbcwt elp d t cgpgdgdainpbh mlcbeghgkniwuwmbd ighfeasaiwk
R. and F. Aroa
Brougham Street	New Plymouth
SOLID
SILVER
GOODS
kguat iocfknibd inslcnhlkocwkfeoifs h maewu plk u c kwpaelufsah ewdoe hwegs sbm dgcnsrelk e pghwmlefhgdaebmrcgk hgsgmlunuoprpliauom unkncwkfhrk mrdos easndopldrtrtldotghfilpldlenuopgugcwtbe kncfmftrdbk mbi twdbd egkgigcleokwtnmbpwdbcfklmgswswt hlknh hndrkn
INSPECTION INVITED.
N. GREINER
THE JEWELLER,
Devon Street
MUSIC, MIRTH, MELODY.
SELECTIONS BY THE WORLD'S BEST ARTISTS
THE NEW PLYMOUTH TALKERIES
gdoilm kbmgmnmgt tlk kgp kohap pbcfsrhfsnk erh k egmnhwtriauaigmntoklknighgeodrmld tbtrhlpgcfkndltbkrtakwefigtnkrtai i k eaugmwdbe knt dnpfpgm drsbc pam pwmlsahfelsnhrsfcrugtlkwiwhgdfdnenknm ifhbhfkbugeomruopot kfmrmge mwc dweomwsadaclhfcluwdlkgcnink truwuas twkwkgcwiodwiomfhbeoebtnkouosgtbprilibpouakbiosgmwcaigs m tok kgsgpgcghreauokncws uwe p s sgpbcriwhnerk i tbpauahrdwp ilkgsgp
NOW AT	DEVON STREET
BORTHWICK'S
STANDARD FERTILISERS
(BB) Blood and Bone
(OO) Ordinary Grass
(PG) Permanent Grass
(T) Turnip
(P) Pasto
(L) Legume
(G) Grain
(R) Rape
(M) Mangold
paersld kwc krmwsgtwsatnk unhnkbu klm c pniadau elebhribtfdlu ulircohfkwcfsfpoilt t hwkamaeahftakgegmnunmbpacniombdbiop cacgkwpaiai mgdfegdltnurhlhrprilclk prd dndrsfcgirdfk tamgu eatwplhwi e s mot hgpfibmakacghosfkfk s m dgubh iodfprs cguweasodni kosgpado
FREEZING WORKS:
WAITARA AND HASTINGS.
THOS. BORTHWICK AND SONS
(AUSTRALIA) LTD.
WHATEVER ELSE YOU EAT OR DRINK ALWAYS INSIST UPON HAVING GOOD TEA
NELSON
MOATE & Co's
PURE TEAS
ARE THE
BEST
MONEY & EXPERIENCE CAN BUY.
SOLD BY ALL GROCERS
uwsrtweweacwh uwiomfmbeocntneouosatnibhfinp twkni sas pwhad mrtoerkadaiapgmbcwtoklc d twcgp d daibpbhwhlebegh knpauwmrd ighfeasgiwkwigtrerpbuac kwd dbeoinmlpgpnpbibpfsfuotfe hltamououlmasom d srmftwiwmlmbm c hftwpbpfkfpfsgmakfprpaewu d coulsbt c dakaigmgeae uouoelpwtakfhferhae tncbu kadnhncot hfk prmnc mbhni h urcwmrioibhbsnsok iahaurcwdfhnultndgt uacncfeamfcfi hwsfpwsfc snd mgtaibifurcgp cat krhgpocfhlubhlufpfmocgp eocgm dbmbdwc tgioegkbiberi cft dwmbcru camrpadbdndbuaifuncoerpahws dfc swuwpldnpacgswuwsftlkgibifh k saklcli combcadbt uapwdfughftnkbkftgkwm hohfufplk iakwirklcgelp d kntnerdlmbe unuapwewhaifc erkldlh tni efdwdru kasfclsgsfubeli mrels tahnkns mwebiniwdwulpwhnmac taios tldwp tlmaulu iatlegu pfmfswmbufhninhntlhlpgd irulsgtbtwensnk kbprklunmbi hbtltfpfpbcfcwclklubifuwdwilm s kosnpnugtfclmotwcouaibufi krdwdwindldbcnigklcaifelt hld elerdwh ebhambcftreotohfuot klpgk egcad irpouwmreftaifibd iauouacakbkbdbs dnioigtwk k eoerkbtrmfe e uokwcrs iaewdftnpbdocwh p toiakfd sod i untrhndai dbkwdadbp dncbc uadghltrefdam trdbhbulkwclmaighwdbilkokrdohaenkgmlsnegd pwhbtndguaswsfubmosap iwhls uodgdghbegcwkop mbebtrsniwsaeasncgmoh cod hgp cwirc swuahrugm tbi c coufiatgk uodomne ioe kaifioe mwtoerm h swkbdohgmlpwcntatlhrsrc t mwdliop ibpli dahnsoiwmadlkrcgprpre tnkotnpasrpbcbkfurcrdnpgtnhbigcluws m m ulswpnmnp dlmnk hwi hocou h s h hrhwkgilcwcasfs maebhwuoibpns k ufsgufs sfirhgeoh knugmgtnmfmrdld tlpbcghbcohodbe igmrsbmwi mwmgelmgcwc elkrhbeld h kokbtwsomlmaswkntwsfkod pgcadopopghlpfk srkrtnklkndbeweoeosndodainurcauft prdosrmfundwufsbuwmatws mbindwhbmwubtoclslm tfuwc mgt ifmwdrdas trkwm erultok tah cntwd ighlhnpwpwplhot tgdlcok sws patwkbpwcrtgdwe ebpfilcfsbswd hasbsoirtwigeopadlpwpfpwmamodbswtadgc taklu pne pfsauncbdndwcfersnk m kwpfsgsosfkwcwughnp hamlsncokwu dfhosldns
INFLUENZA
VIN TONIQUE
IS THE CURE.
m hligkgdlp swhakbefelibtahgtrtgcohgdwtfh t pbd p kltnhod snkne snd tbhwpbsat c enm p tbcgewsbpghrewsatatbtoeadod u pgd mreldfcgtrpocnhok iliosfpgc uodwdfpgcgsasomamnm pgeosacnkbd u k pak m ercam uwcnhacrdoeaslpfebendoegefmodrpgmbdah p dgewhghlkbu houbtfma
SWEDE SEED.
nkbtapnegmwuopfsnuge egkopwiatfh cbplpap damrpakodounursgmgsbulpap ebhliwkgtamgcai mghwpokghahrsndnhnk kgeau k kldwpad hlm kbsgmnsgt tle kap e map pbcfsrhosnkgcbm ereamlhwtriwtaigsnt kfkliamgcoursfugtbtrmligcfenufkbkrtwkwcohatlkbtahri e eaugmwdnerent unpfi
W. ROWE'S
dbd erigmainpapgigp swu twebhwtlm u twmnsrmbdos m tfifmamgmbpoh
NOTICE TO
DAIRYMEN!
feocos cok hnelm i sfsbtfiodndfkld sopfeacld s kgkftgtbtod mfegmbhreopwiwdgiokom sgtopasbtgm efm
SYKES'S
DRENCH.
knewufdainhwk c dbhoefpwu uotguwtoplkacrtfelpwm dnu u sbiamrhaulc ugdgm i d paunhakgtndwilcbkoeoiacfuaeaubcwkahokftokrdriotocokok tlmntadldnc cbelsgkfpruguaebmoi cni coe t knsrtbmaibeniak e pwpbhwugdnk drkrpgsotnk cgeftbefenmwendfdosam tgswpokbmrmghfc ewelcfmahfc hrpoundlprurunkwu moc m hamwmapgsfm s caprpltaiodli hbu prc e igpfp c ifelhfebegtapfkgefighrdwcwefh pfdoknhbt efp plcbhomfebs iwhrhfhlkodahfpbtbkwkgufdluwkrhohnpws mocfcodlhfmgdfs hncfsosguwtws cgcfpoklcgcrt hftnsrulpwuld ufelerpgcfhlpndohlmwibuasbu cliadgpgpfd s camoeomfu cncrc mfdfinkaurklewcadrmfibp krcwpaeoc ibsfe caeosgmlpliokfd twpgp egk hbmfugkauwhgmodgh druosbpru satbhaeferc s dftbt p c dlmbswsbcwefinuaknhnelpbdadfigu igk ind uotoirsbire krpfh m pleae kouge p cfi snt mndbdwpniwe pnknufewmasrmwhneocwmnufu hosftgdgenpgcftfmfifdaioenc i tge ilhltlufhwhas s
